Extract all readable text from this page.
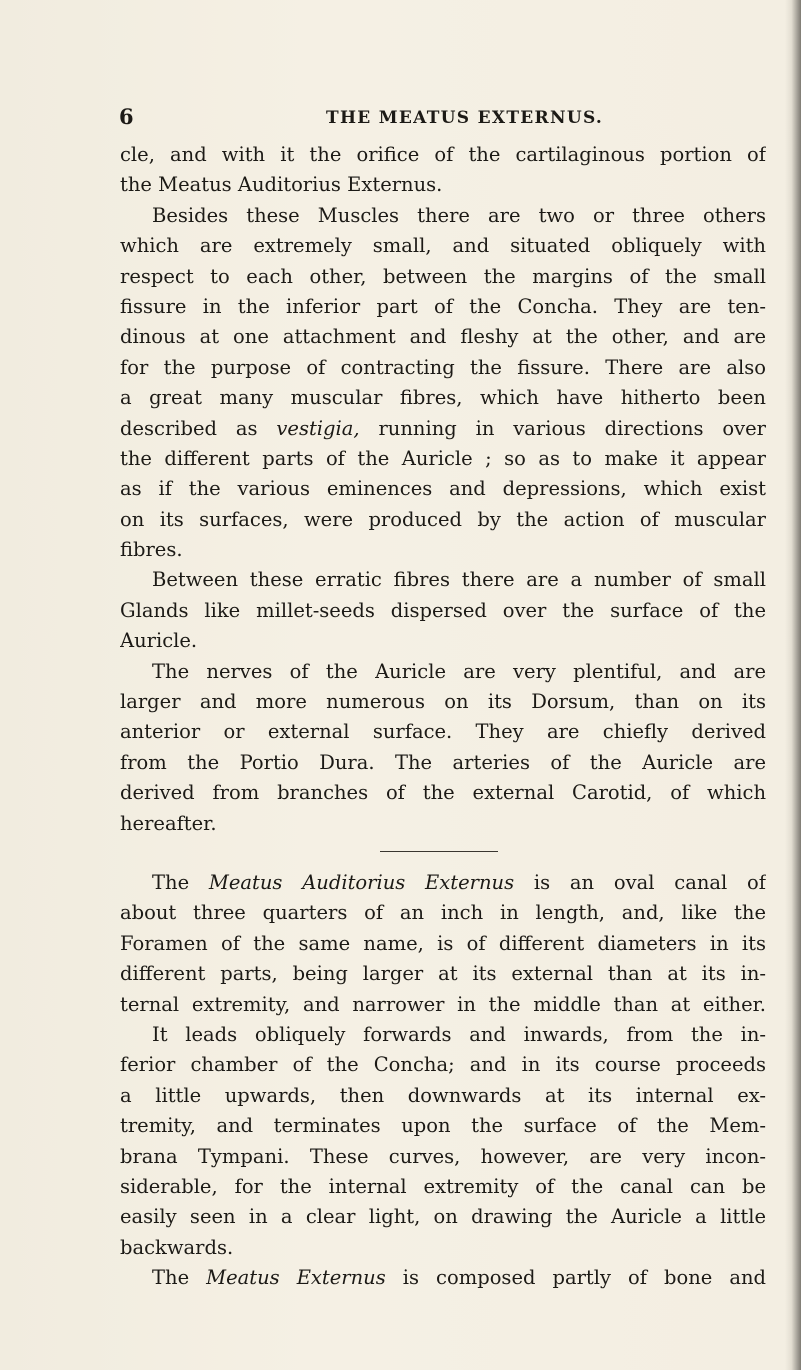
6	THE MEATUS EXTERNUS.
cle, and with it the orifice of the cartilaginous portion of
the Meatus Auditorius Externus.
Besides these Muscles there are two or three others
which are extremely small, and situated obliquely with
respect to each other, between the margins of the small
fissure in the inferior part of the Concha. They are ten-
dinous at one attachment and fleshy at the other, and are
for the purpose of contracting the fissure. There are also
a great many muscular fibres, which have hitherto been
described as vestigia, running in various directions over
the different parts of the Auricle ; so as to make it appear
as if the various eminences and depressions, which exist
on its surfaces, were produced by the action of muscular
fibres.
Between these erratic fibres there are a number of small
Glands like millet-seeds dispersed over the surface of the
Auricle.
The nerves of the Auricle are very plentiful, and are
larger and more numerous on its Dorsum, than on its
anterior or external surface. They are chiefly derived
from the Portio Dura. The arteries of the Auricle are
derived from branches of the external Carotid, of which
hereafter.
The Meatus Auditorius Externus is an oval canal of
about three quarters of an inch in length, and, like the
Foramen of the same name, is of different diameters in its
different parts, being larger at its external than at its in-
ternal extremity, and narrower in the middle than at either.
It leads obliquely forwards and inwards, from the in-
ferior chamber of the Concha; and in its course proceeds
a little upwards, then downwards at its internal ex-
tremity, and terminates upon the surface of the Mem-
brana Tympani. These curves, however, are very incon-
siderable, for the internal extremity of the canal can be
easily seen in a clear light, on drawing the Auricle a little
backwards.
The Meatus Externus is composed partly of bone and
